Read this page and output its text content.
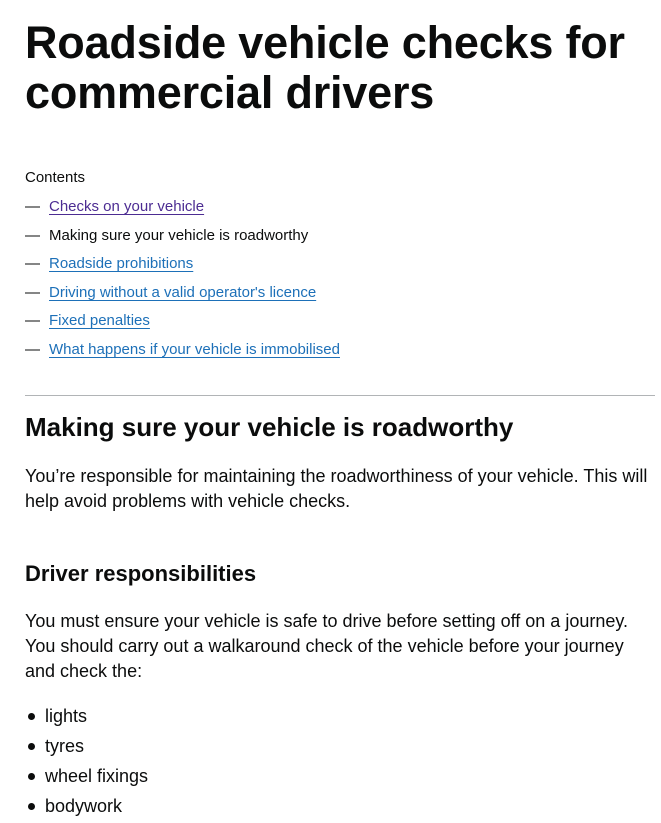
Roadside vehicle checks for commercial drivers

Contents

— Checks on your vehicle
— Making sure your vehicle is roadworthy
— Roadside prohibitions
— Driving without a valid operator's licence
— Fixed penalties
— What happens if your vehicle is immobilised
Making sure your vehicle is roadworthy

You’re responsible for maintaining the roadworthiness of your vehicle. This will help avoid problems with vehicle checks.

Driver responsibilities

You must ensure your vehicle is safe to drive before setting off on a journey. You should carry out a walkaround check of the vehicle before your journey and check the:

lights
tyres
wheel fixings
bodywork
